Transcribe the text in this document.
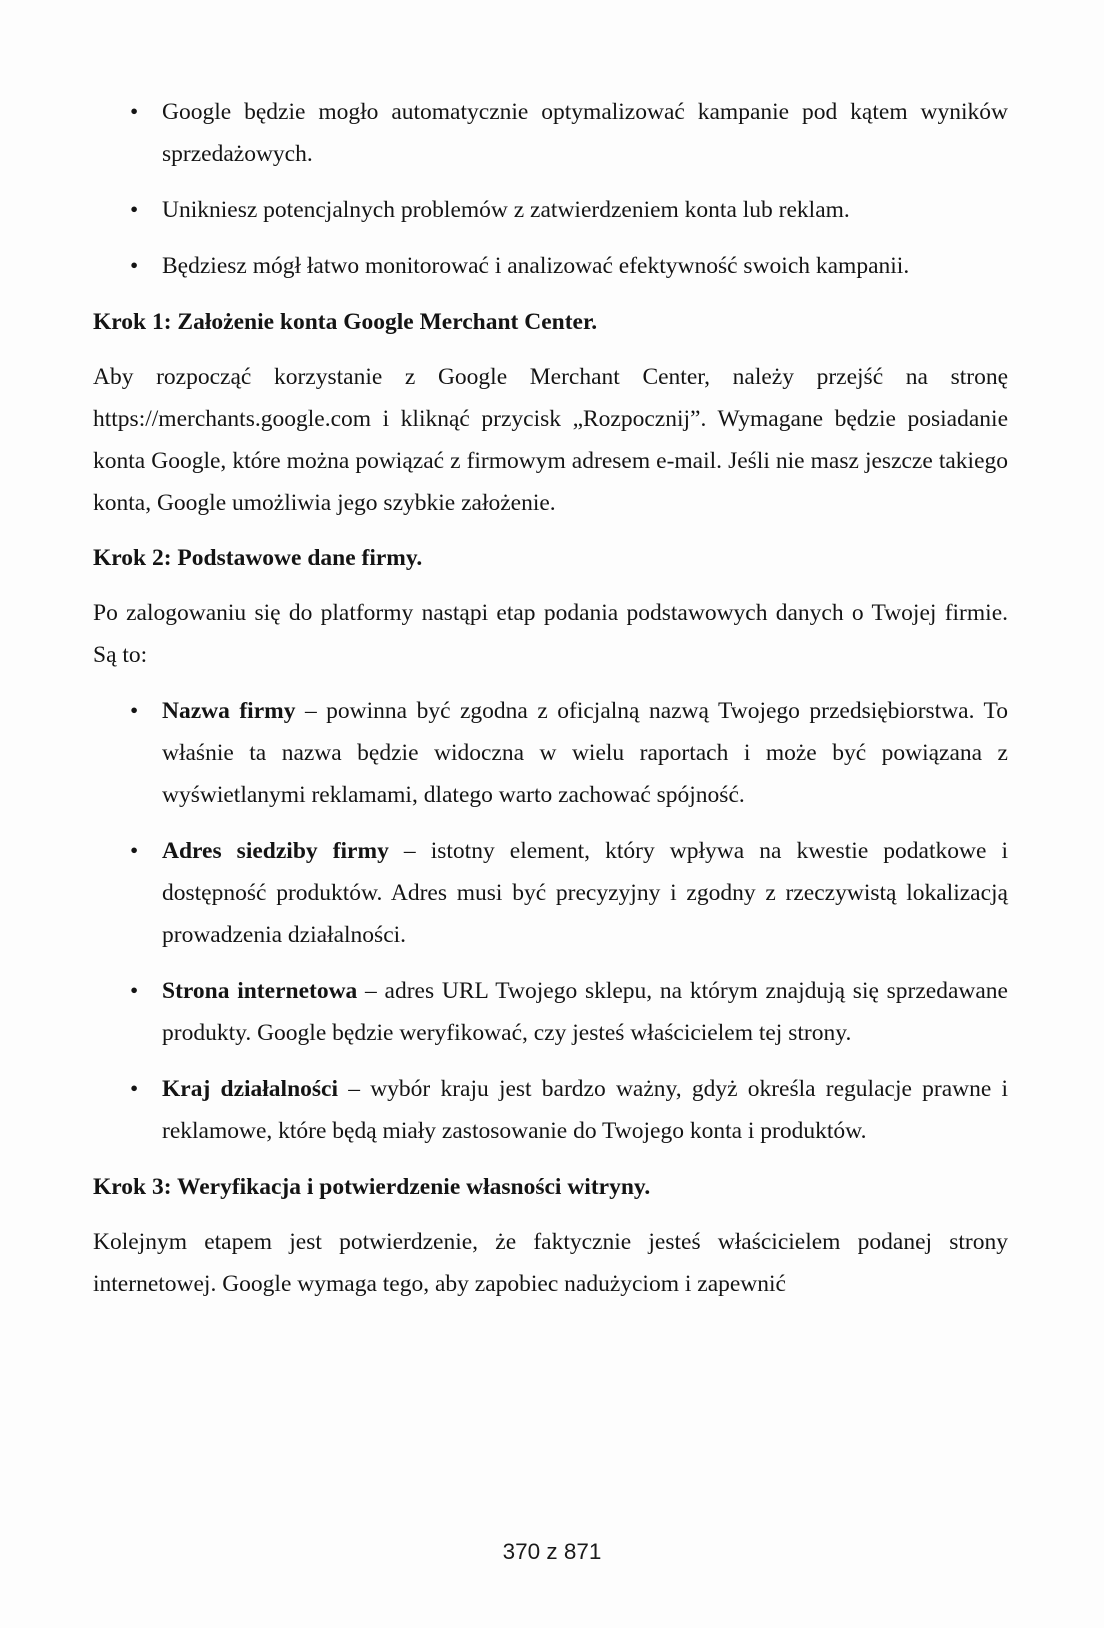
• Google będzie mogło automatycznie optymalizować kampanie pod kątem wyników sprzedażowych.
• Unikniesz potencjalnych problemów z zatwierdzeniem konta lub reklam.
• Będziesz mógł łatwo monitorować i analizować efektywność swoich kampanii.
Krok 1: Założenie konta Google Merchant Center.

Aby rozpocząć korzystanie z Google Merchant Center, należy przejść na stronę https://merchants.google.com i kliknąć przycisk „Rozpocznij”. Wymagane będzie posiadanie konta Google, które można powiązać z firmowym adresem e-mail. Jeśli nie masz jeszcze takiego konta, Google umożliwia jego szybkie założenie.

Krok 2: Podstawowe dane firmy.

Po zalogowaniu się do platformy nastąpi etap podania podstawowych danych o Twojej firmie. Są to:

• Nazwa firmy – powinna być zgodna z oficjalną nazwą Twojego przedsiębiorstwa. To właśnie ta nazwa będzie widoczna w wielu raportach i może być powiązana z wyświetlanymi reklamami, dlatego warto zachować spójność.
• Adres siedziby firmy – istotny element, który wpływa na kwestie podatkowe i dostępność produktów. Adres musi być precyzyjny i zgodny z rzeczywistą lokalizacją prowadzenia działalności.
• Strona internetowa – adres URL Twojego sklepu, na którym znajdują się sprzedawane produkty. Google będzie weryfikować, czy jesteś właścicielem tej strony.
• Kraj działalności – wybór kraju jest bardzo ważny, gdyż określa regulacje prawne i reklamowe, które będą miały zastosowanie do Twojego konta i produktów.
Krok 3: Weryfikacja i potwierdzenie własności witryny.

Kolejnym etapem jest potwierdzenie, że faktycznie jesteś właścicielem podanej strony internetowej. Google wymaga tego, aby zapobiec nadużyciom i zapewnić

370 z 871
